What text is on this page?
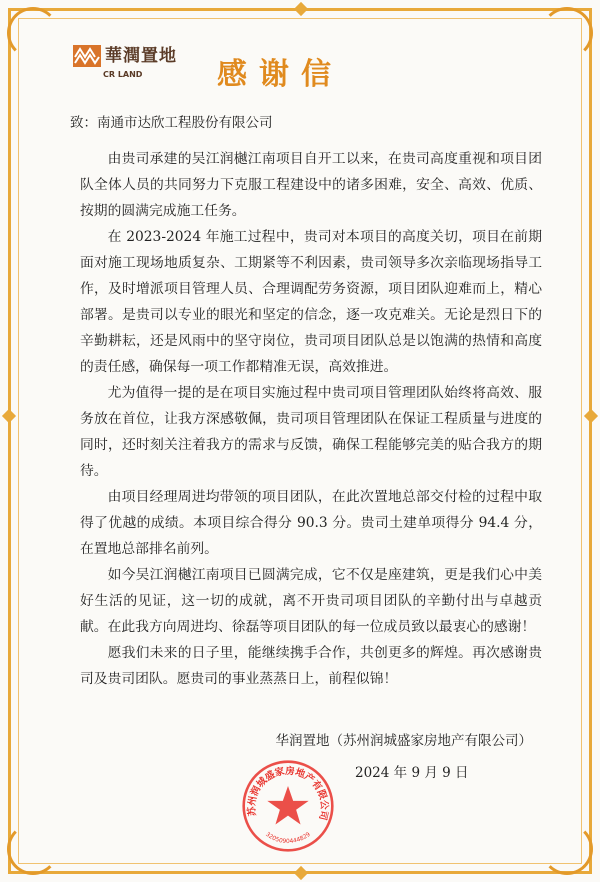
華潤置地
CR LAND	感谢信
致：南通市达欣工程股份有限公司

由贵司承建的吴江润樾江南项目自开工以来，在贵司高度重视和项目团队全体人员的共同努力下克服工程建设中的诸多困难，安全、高效、优质、按期的圆满完成施工任务。

在 2023-2024 年施工过程中，贵司对本项目的高度关切，项目在前期面对施工现场地质复杂、工期紧等不利因素，贵司领导多次亲临现场指导工作，及时增派项目管理人员、合理调配劳务资源，项目团队迎难而上，精心部署。是贵司以专业的眼光和坚定的信念，逐一攻克难关。无论是烈日下的辛勤耕耘，还是风雨中的坚守岗位，贵司项目团队总是以饱满的热情和高度的责任感，确保每一项工作都精准无误，高效推进。

尤为值得一提的是在项目实施过程中贵司项目管理团队始终将高效、服务放在首位，让我方深感敬佩，贵司项目管理团队在保证工程质量与进度的同时，还时刻关注着我方的需求与反馈，确保工程能够完美的贴合我方的期待。

由项目经理周进均带领的项目团队，在此次置地总部交付检的过程中取得了优越的成绩。本项目综合得分 90.3 分。贵司土建单项得分 94.4 分，在置地总部排名前列。

如今吴江润樾江南项目已圆满完成，它不仅是座建筑，更是我们心中美好生活的见证，这一切的成就，离不开贵司项目团队的辛勤付出与卓越贡献。在此我方向周进均、徐磊等项目团队的每一位成员致以最衷心的感谢！

愿我们未来的日子里，能继续携手合作，共创更多的辉煌。再次感谢贵司及贵司团队。愿贵司的事业蒸蒸日上，前程似锦！

华润置地（苏州润城盛家房地产有限公司）
苏州润城盛家房地产有限公司
3205090444829
2024 年 9 月 9 日
